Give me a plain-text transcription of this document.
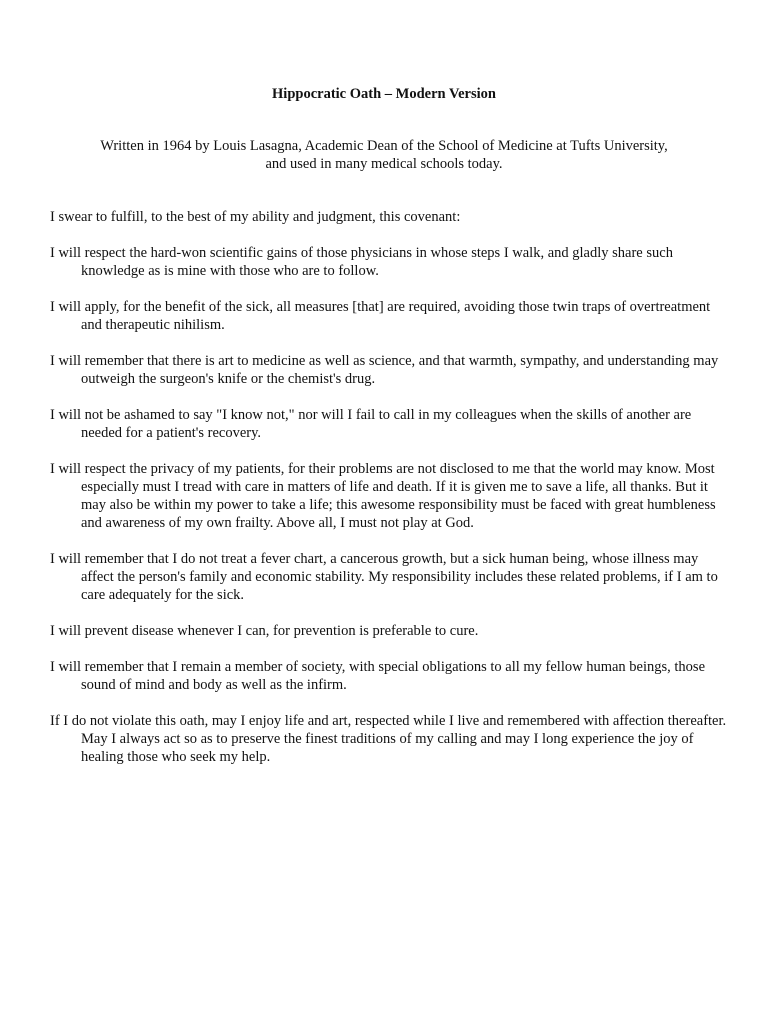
Hippocratic Oath – Modern Version
Written in 1964 by Louis Lasagna, Academic Dean of the School of Medicine at Tufts University,
and used in many medical schools today.

I swear to fulfill, to the best of my ability and judgment, this covenant:

I will respect the hard-won scientific gains of those physicians in whose steps I walk, and gladly share such knowledge as is mine with those who are to follow.

I will apply, for the benefit of the sick, all measures [that] are required, avoiding those twin traps of overtreatment and therapeutic nihilism.

I will remember that there is art to medicine as well as science, and that warmth, sympathy, and understanding may outweigh the surgeon's knife or the chemist's drug.

I will not be ashamed to say "I know not," nor will I fail to call in my colleagues when the skills of another are needed for a patient's recovery.

I will respect the privacy of my patients, for their problems are not disclosed to me that the world may know. Most especially must I tread with care in matters of life and death. If it is given me to save a life, all thanks. But it may also be within my power to take a life; this awesome responsibility must be faced with great humbleness and awareness of my own frailty. Above all, I must not play at God.

I will remember that I do not treat a fever chart, a cancerous growth, but a sick human being, whose illness may affect the person's family and economic stability. My responsibility includes these related problems, if I am to care adequately for the sick.

I will prevent disease whenever I can, for prevention is preferable to cure.

I will remember that I remain a member of society, with special obligations to all my fellow human beings, those sound of mind and body as well as the infirm.

If I do not violate this oath, may I enjoy life and art, respected while I live and remembered with affection thereafter. May I always act so as to preserve the finest traditions of my calling and may I long experience the joy of healing those who seek my help.
